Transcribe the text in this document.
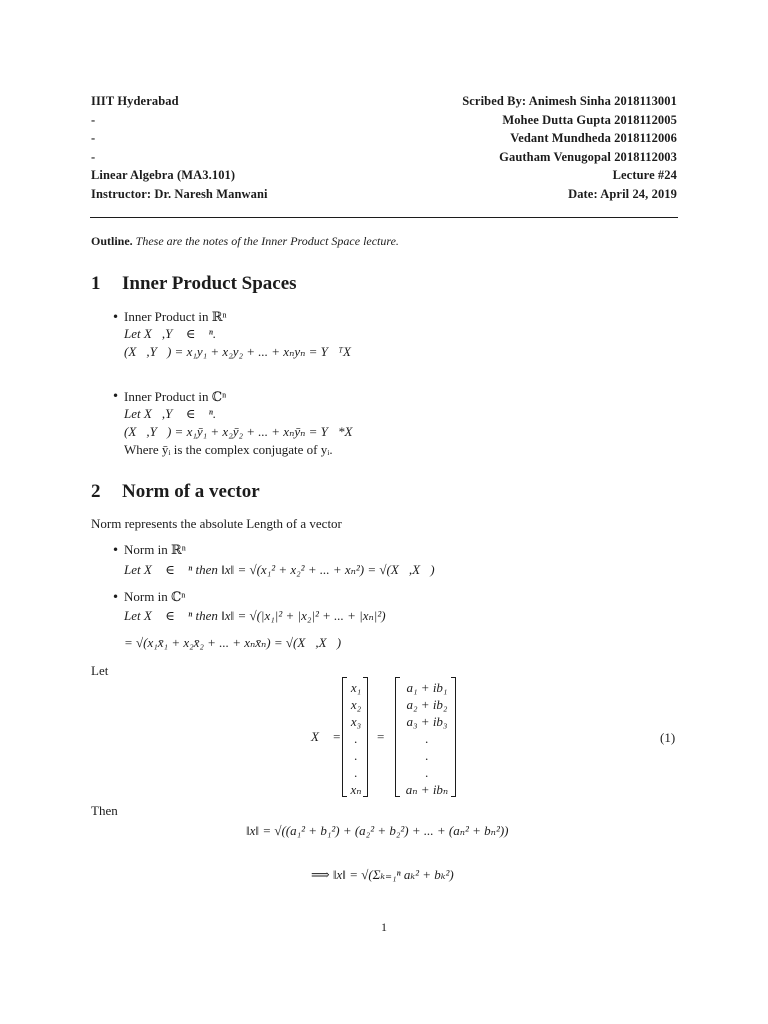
IIIT Hyderabad
-
-
-
Linear Algebra (MA3.101)
Instructor: Dr. Naresh Manwani
Scribed By: Animesh Sinha 2018113001
Mohee Dutta Gupta 2018112005
Vedant Mundheda 2018112006
Gautham Venugopal 2018112003
Lecture #24
Date: April 24, 2019
Outline. These are the notes of the Inner Product Space lecture.
1 Inner Product Spaces
• Inner Product in ℝⁿ
Let X⃗,Y⃗ ∈ ℝⁿ.
(X⃗,Y⃗) = x₁y₁ + x₂y₂ + ... + xₙyₙ = Y⃗ᵀX⃗
• Inner Product in ℂⁿ
Let X⃗,Y⃗ ∈ ℂⁿ.
(X⃗,Y⃗) = x₁ȳ₁ + x₂ȳ₂ + ... + xₙȳₙ = Y⃗*X⃗
Where ȳᵢ is the complex conjugate of yᵢ.
2 Norm of a vector
Norm represents the absolute Length of a vector
• Norm in ℝⁿ
Let X⃗ ∈ ℝⁿ then ‖x‖ = √(x₁² + x₂² + ... + xₙ²) = √(X⃗,X⃗)
• Norm in ℂⁿ
Let X⃗ ∈ ℂⁿ then ‖x‖ = √(|x₁|² + |x₂|² + ... + |xₙ|²)
= √(x₁x̄₁ + x₂x̄₂ + ... + xₙx̄ₙ) = √(X⃗,X⃗)
Let
X⃗ =
x₁
x₂
x₃
.
.
.
xₙ
=
a₁ + ib₁
a₂ + ib₂
a₃ + ib₃
.
.
.
aₙ + ibₙ
(1)
Then
‖x‖ = √((a₁² + b₁²) + (a₂² + b₂²) + ... + (aₙ² + bₙ²))
⟹ ‖x‖ = √(Σₖ₌₁ⁿ aₖ² + bₖ²)
1
